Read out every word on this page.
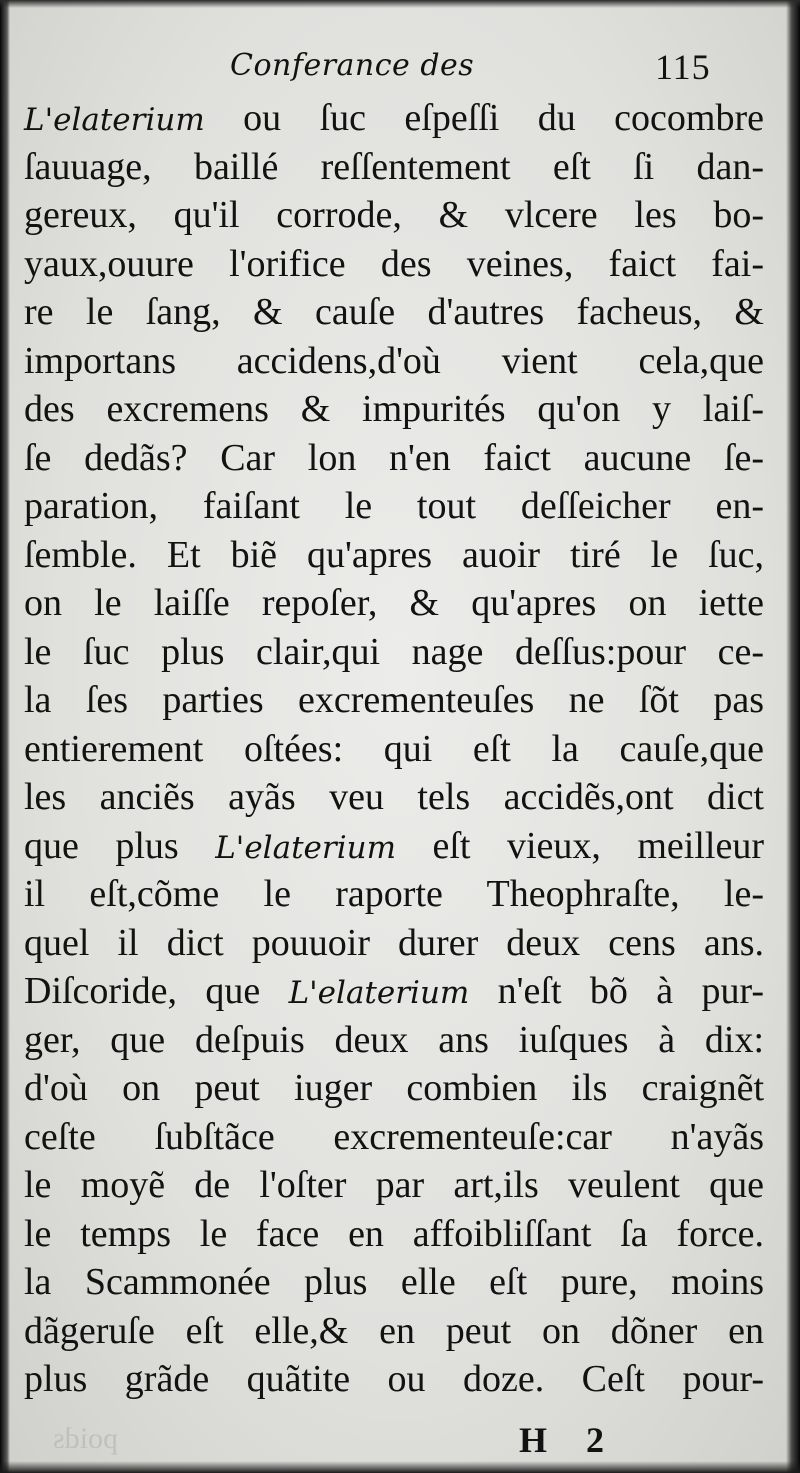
Conferance des	115
L'elaterium ou ſuc eſpeſſi du cocombre
ſauuage, baillé reſſentement eſt ſi dan-
gereux, qu'il corrode, & vlcere les bo-
yaux,ouure l'orifice des veines, faict fai-
re le ſang, & cauſe d'autres facheus, &
importans accidens,d'où vient cela,que
des excremens & impurités qu'on y laiſ-
ſe dedãs? Car lon n'en faict aucune ſe-
paration, faiſant le tout deſſeicher en-
ſemble. Et biẽ qu'apres auoir tiré le ſuc,
on le laiſſe repoſer, & qu'apres on iette
le ſuc plus clair,qui nage deſſus:pour ce-
la ſes parties excrementeuſes ne ſõt pas
entierement oſtées: qui eſt la cauſe,que
les anciẽs ayãs veu tels accidẽs,ont dict
que plus L'elaterium eſt vieux, meilleur
il eſt,cõme le raporte Theophraſte, le-
quel il dict pouuoir durer deux cens ans.
Diſcoride, que L'elaterium n'eſt bõ à pur-
ger, que deſpuis deux ans iuſques à dix:
d'où on peut iuger combien ils craignẽt
ceſte ſubſtãce excrementeuſe:car n'ayãs
le moyẽ de l'oſter par art,ils veulent que
le temps le face en affoibliſſant ſa force.
la Scammonée plus elle eſt pure, moins
dãgeruſe eſt elle,& en peut on dõner en
plus grãde quãtite ou doze. Ceſt pour-
poids	H 2
